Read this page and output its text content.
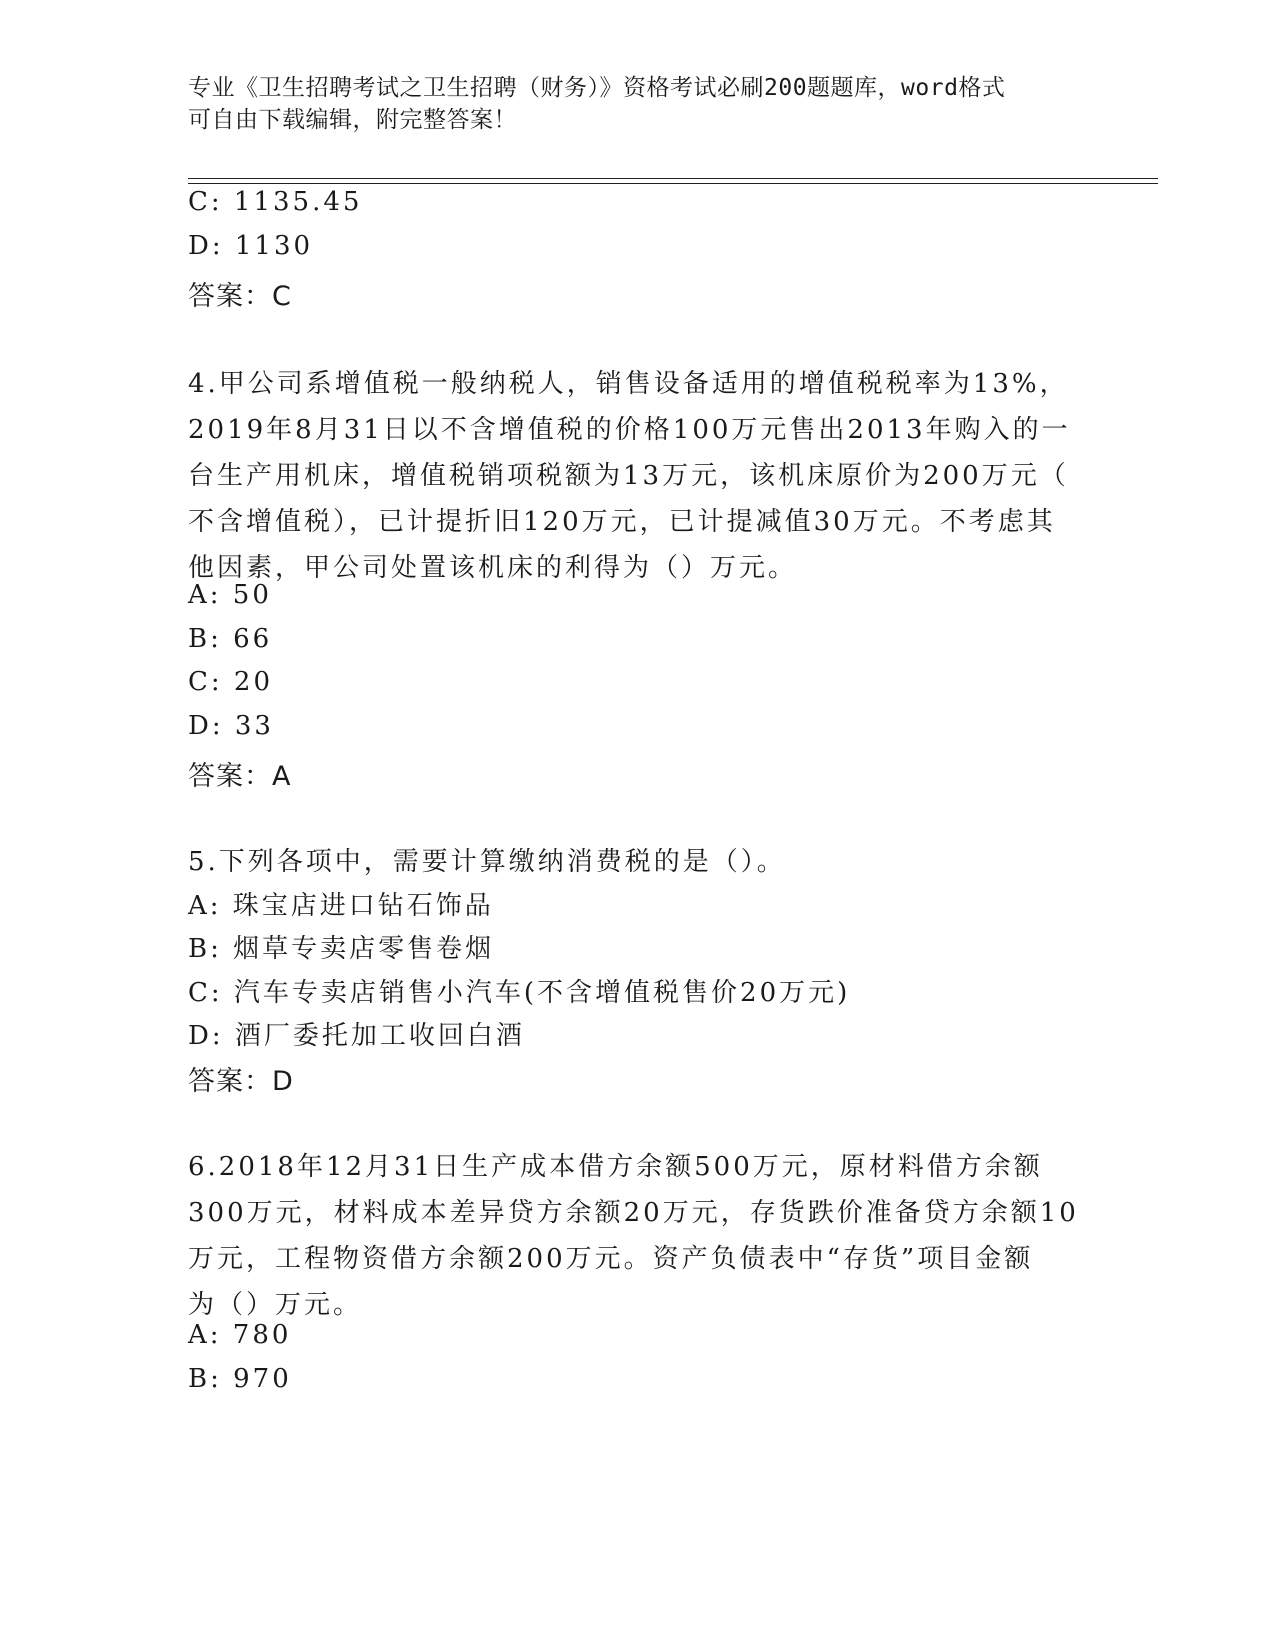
专业《卫生招聘考试之卫生招聘（财务）》资格考试必刷200题题库，word格式
可自由下载编辑，附完整答案！
C: 1135.45
D: 1130
答案：C
4.甲公司系增值税一般纳税人，销售设备适用的增值税税率为13%，
2019年8月31日以不含增值税的价格100万元售出2013年购入的一
台生产用机床，增值税销项税额为13万元，该机床原价为200万元（
不含增值税），已计提折旧120万元，已计提减值30万元。不考虑其
他因素，甲公司处置该机床的利得为（）万元。
A: 50
B: 66
C: 20
D: 33
答案：A
5.下列各项中，需要计算缴纳消费税的是（）。
A: 珠宝店进口钻石饰品
B: 烟草专卖店零售卷烟
C: 汽车专卖店销售小汽车(不含增值税售价20万元)
D: 酒厂委托加工收回白酒
答案：D
6.2018年12月31日生产成本借方余额500万元，原材料借方余额
300万元，材料成本差异贷方余额20万元，存货跌价准备贷方余额10
万元，工程物资借方余额200万元。资产负债表中“存货”项目金额
为（）万元。
A: 780
B: 970
